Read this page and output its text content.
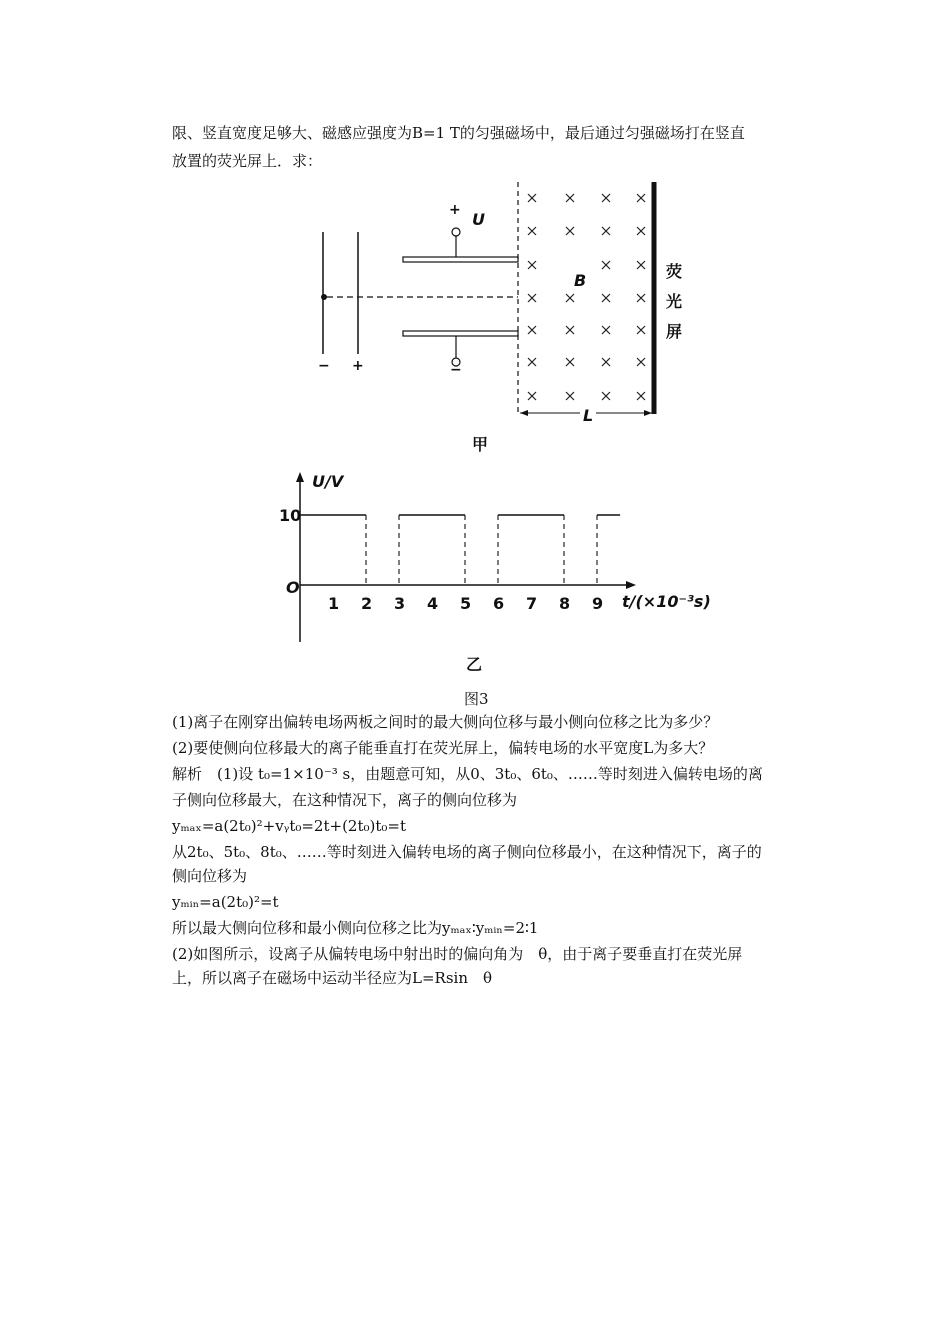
限、竖直宽度足够大、磁感应强度为B=1 T的匀强磁场中，最后通过匀强磁场打在竖直
放置的荧光屏上．求：
+ U
−
− +
B
L
荧
光
屏
甲
U/V
10
O
t/(×10⁻³s)
1 2 3 4 5 6 7 8 9
乙
图3
(1)离子在刚穿出偏转电场两板之间时的最大侧向位移与最小侧向位移之比为多少？
(2)要使侧向位移最大的离子能垂直打在荧光屏上，偏转电场的水平宽度L为多大？
解析　(1)设 t₀=1×10⁻³ s，由题意可知，从0、3t₀、6t₀、……等时刻进入偏转电场的离
子侧向位移最大，在这种情况下，离子的侧向位移为
yₘₐₓ=a(2t₀)²+vᵧt₀=2t+(2t₀)t₀=t
从2t₀、5t₀、8t₀、……等时刻进入偏转电场的离子侧向位移最小，在这种情况下，离子的
侧向位移为
yₘᵢₙ=a(2t₀)²=t
所以最大侧向位移和最小侧向位移之比为yₘₐₓ∶yₘᵢₙ=2∶1
(2)如图所示，设离子从偏转电场中射出时的偏向角为　θ，由于离子要垂直打在荧光屏
上，所以离子在磁场中运动半径应为L=Rsin　θ
